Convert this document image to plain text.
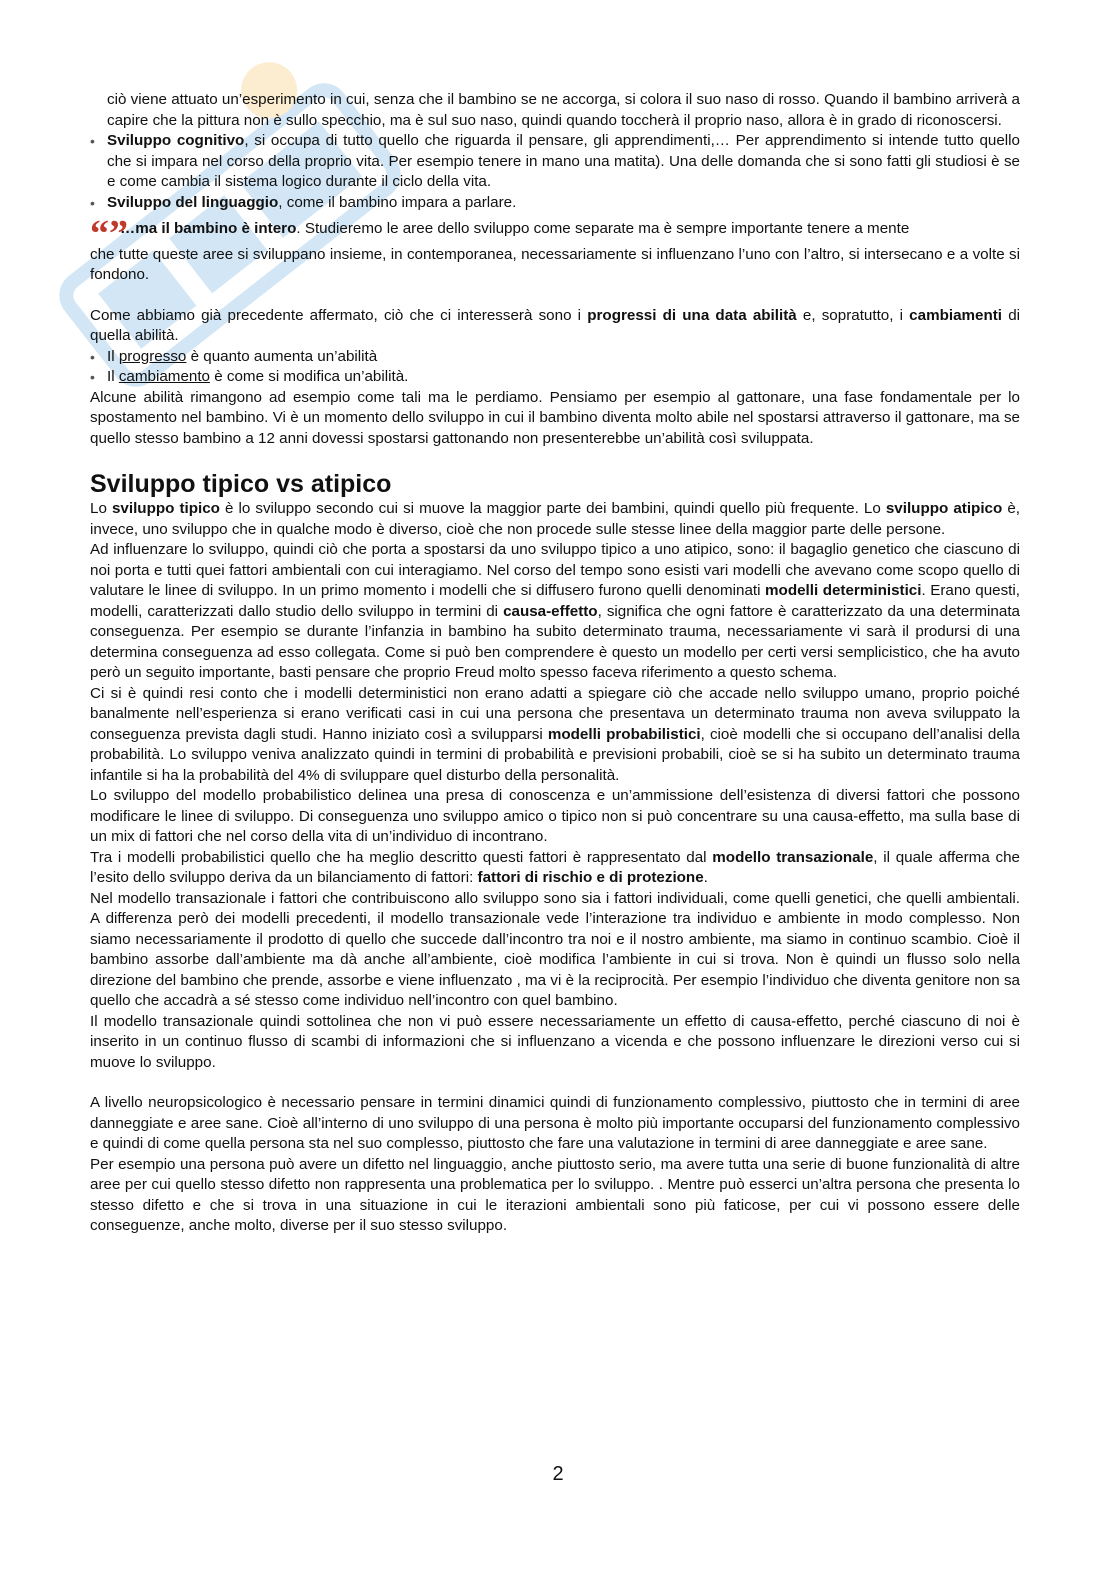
ciò viene attuato un’esperimento in cui, senza che il bambino se ne accorga, si colora il suo naso di rosso. Quando il bambino arriverà a capire che la pittura non è sullo specchio, ma è sul suo naso, quindi quando toccherà il proprio naso, allora è in grado di riconoscersi.

• Sviluppo cognitivo, si occupa di tutto quello che riguarda il pensare, gli apprendimenti,… Per apprendimento si intende tutto quello che si impara nel corso della proprio vita. Per esempio tenere in mano una matita). Una delle domanda che si sono fatti gli studiosi è se e come cambia il sistema logico durante il ciclo della vita.
• Sviluppo del linguaggio, come il bambino impara a parlare.
“”

…ma il bambino è intero. Studieremo le aree dello sviluppo come separate ma è sempre importante tenere a mente

che tutte queste aree si sviluppano insieme, in contemporanea, necessariamente si influenzano l’uno con l’altro, si intersecano e a volte si fondono.

Come abbiamo già precedente affermato, ciò che ci interesserà sono i progressi di una data abilità e, sopratutto, i cambiamenti di quella abilità.

• Il progresso è quanto aumenta un’abilità
• Il cambiamento è come si modifica un’abilità.

Alcune abilità rimangono ad esempio come tali ma le perdiamo. Pensiamo per esempio al gattonare, una fase fondamentale per lo spostamento nel bambino. Vi è un momento dello sviluppo in cui il bambino diventa molto abile nel spostarsi attraverso il gattonare, ma se quello stesso bambino a 12 anni dovessi spostarsi gattonando non presenterebbe un’abilità così sviluppata.

Sviluppo tipico vs atipico

Lo sviluppo tipico è lo sviluppo secondo cui si muove la maggior parte dei bambini, quindi quello più frequente. Lo sviluppo atipico è, invece, uno sviluppo che in qualche modo è diverso, cioè che non procede sulle stesse linee della maggior parte delle persone.

Ad influenzare lo sviluppo, quindi ciò che porta a spostarsi da uno sviluppo tipico a uno atipico, sono: il bagaglio genetico che ciascuno di noi porta e tutti quei fattori ambientali con cui interagiamo. Nel corso del tempo sono esisti vari modelli che avevano come scopo quello di valutare le linee di sviluppo. In un primo momento i modelli che si diffusero furono quelli denominati modelli deterministici. Erano questi, modelli, caratterizzati dallo studio dello sviluppo in termini di causa-effetto, significa che ogni fattore è caratterizzato da una determinata conseguenza. Per esempio se durante l’infanzia in bambino ha subito determinato trauma, necessariamente vi sarà il prodursi di una determina conseguenza ad esso collegata. Come si può ben comprendere è questo un modello per certi versi semplicistico, che ha avuto però un seguito importante, basti pensare che proprio Freud molto spesso faceva riferimento a questo schema.

Ci si è quindi resi conto che i modelli deterministici non erano adatti a spiegare ciò che accade nello sviluppo umano, proprio poiché banalmente nell’esperienza si erano verificati casi in cui una persona che presentava un determinato trauma non aveva sviluppato la conseguenza prevista dagli studi. Hanno iniziato così a svilupparsi modelli probabilistici, cioè modelli che si occupano dell’analisi della probabilità. Lo sviluppo veniva analizzato quindi in termini di probabilità e previsioni probabili, cioè se si ha subito un determinato trauma infantile si ha la probabilità del 4% di sviluppare quel disturbo della personalità.

Lo sviluppo del modello probabilistico delinea una presa di conoscenza e un’ammissione dell’esistenza di diversi fattori che possono modificare le linee di sviluppo. Di conseguenza uno sviluppo amico o tipico non si può concentrare su una causa-effetto, ma sulla base di un mix di fattori che nel corso della vita di un’individuo di incontrano.

Tra i modelli probabilistici quello che ha meglio descritto questi fattori è rappresentato dal modello transazionale, il quale afferma che l’esito dello sviluppo deriva da un bilanciamento di fattori: fattori di rischio e di protezione.

Nel modello transazionale i fattori che contribuiscono allo sviluppo sono sia i fattori individuali, come quelli genetici, che quelli ambientali. A differenza però dei modelli precedenti, il modello transazionale vede l’interazione tra individuo e ambiente in modo complesso. Non siamo necessariamente il prodotto di quello che succede dall’incontro tra noi e il nostro ambiente, ma siamo in continuo scambio. Cioè il bambino assorbe dall’ambiente ma dà anche all’ambiente, cioè modifica l’ambiente in cui si trova. Non è quindi un flusso solo nella direzione del bambino che prende, assorbe e viene influenzato , ma vi è la reciprocità. Per esempio l’individuo che diventa genitore non sa quello che accadrà a sé stesso come individuo nell’incontro con quel bambino.

Il modello transazionale quindi sottolinea che non vi può essere necessariamente un effetto di causa-effetto, perché ciascuno di noi è inserito in un continuo flusso di scambi di informazioni che si influenzano a vicenda e che possono influenzare le direzioni verso cui si muove lo sviluppo.

A livello neuropsicologico è necessario pensare in termini dinamici quindi di funzionamento complessivo, piuttosto che in termini di aree danneggiate e aree sane. Cioè all’interno di uno sviluppo di una persona è molto più importante occuparsi del funzionamento complessivo e quindi di come quella persona sta nel suo complesso, piuttosto che fare una valutazione in termini di aree danneggiate e aree sane.

Per esempio una persona può avere un difetto nel linguaggio, anche piuttosto serio, ma avere tutta una serie di buone funzionalità di altre aree per cui quello stesso difetto non rappresenta una problematica per lo sviluppo. . Mentre può esserci un’altra persona che presenta lo stesso difetto e che si trova in una situazione in cui le iterazioni ambientali sono più faticose, per cui vi possono essere delle conseguenze, anche molto, diverse per il suo stesso sviluppo.

2
